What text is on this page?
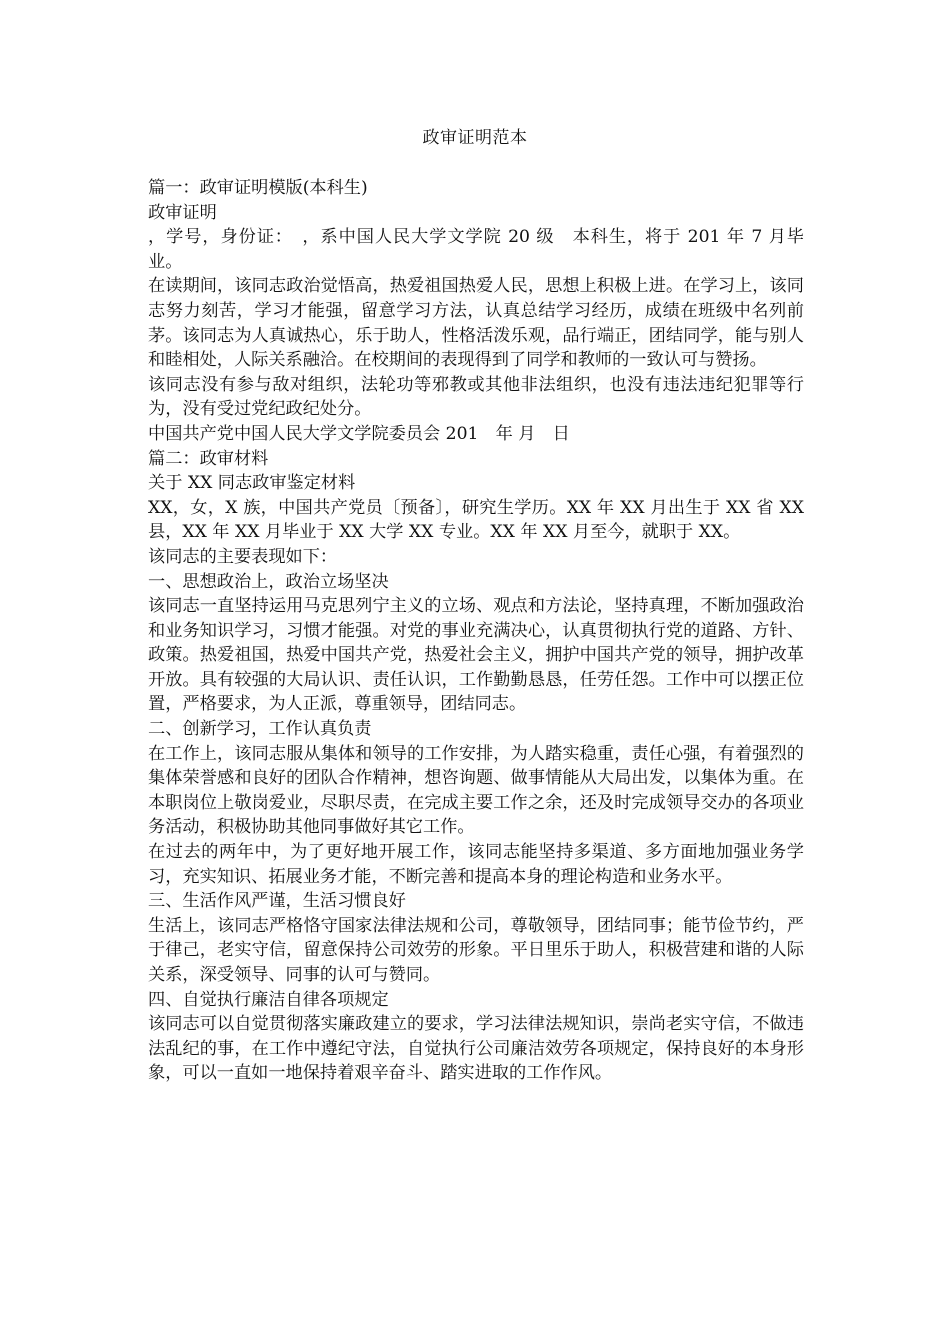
政审证明范本

篇一：政审证明模版(本科生)

政审证明

，学号，身份证：　，系中国人民大学文学院 20 级　本科生，将于 201 年 7 月毕业。

在读期间，该同志政治觉悟高，热爱祖国热爱人民，思想上积极上进。在学习上，该同志努力刻苦，学习才能强，留意学习方法，认真总结学习经历，成绩在班级中名列前茅。该同志为人真诚热心，乐于助人，性格活泼乐观，品行端正，团结同学，能与别人和睦相处，人际关系融洽。在校期间的表现得到了同学和教师的一致认可与赞扬。

该同志没有参与敌对组织，法轮功等邪教或其他非法组织，也没有违法违纪犯罪等行为，没有受过党纪政纪处分。

中国共产党中国人民大学文学院委员会 201　年 月　日

篇二：政审材料

关于 XX 同志政审鉴定材料

XX，女，X 族，中国共产党员〔预备〕，研究生学历。XX 年 XX 月出生于 XX 省 XX 县，XX 年 XX 月毕业于 XX 大学 XX 专业。XX 年 XX 月至今，就职于 XX。

该同志的主要表现如下：

一、思想政治上，政治立场坚决

该同志一直坚持运用马克思列宁主义的立场、观点和方法论，坚持真理，不断加强政治和业务知识学习，习惯才能强。对党的事业充满决心，认真贯彻执行党的道路、方针、政策。热爱祖国，热爱中国共产党，热爱社会主义，拥护中国共产党的领导，拥护改革开放。具有较强的大局认识、责任认识，工作勤勤恳恳，任劳任怨。工作中可以摆正位置，严格要求，为人正派，尊重领导，团结同志。

二、创新学习，工作认真负责

在工作上，该同志服从集体和领导的工作安排，为人踏实稳重，责任心强，有着强烈的集体荣誉感和良好的团队合作精神，想咨询题、做事情能从大局出发，以集体为重。在本职岗位上敬岗爱业，尽职尽责，在完成主要工作之余，还及时完成领导交办的各项业务活动，积极协助其他同事做好其它工作。

在过去的两年中，为了更好地开展工作，该同志能坚持多渠道、多方面地加强业务学习，充实知识、拓展业务才能，不断完善和提高本身的理论构造和业务水平。

三、生活作风严谨，生活习惯良好

生活上，该同志严格恪守国家法律法规和公司，尊敬领导，团结同事；能节俭节约，严于律己，老实守信，留意保持公司效劳的形象。平日里乐于助人，积极营建和谐的人际关系，深受领导、同事的认可与赞同。

四、自觉执行廉洁自律各项规定

该同志可以自觉贯彻落实廉政建立的要求，学习法律法规知识，崇尚老实守信，不做违法乱纪的事，在工作中遵纪守法，自觉执行公司廉洁效劳各项规定，保持良好的本身形象，可以一直如一地保持着艰辛奋斗、踏实进取的工作作风。
